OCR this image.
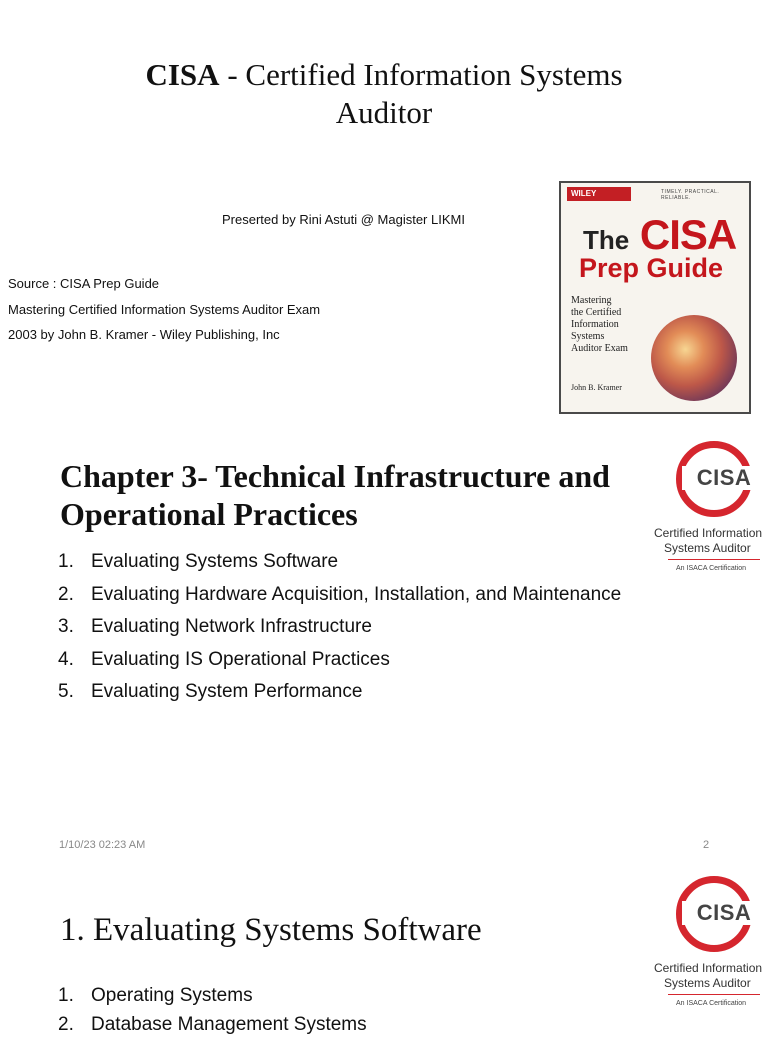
CISA - Certified Information Systems
Auditor
Preserted by Rini Astuti @ Magister LIKMI
Source : CISA Prep Guide
Mastering Certified Information Systems Auditor Exam
2003 by John B. Kramer - Wiley Publishing, Inc
WILEY	TIMELY. PRACTICAL. RELIABLE.
The CISA
Prep Guide
Mastering
the Certified
Information
Systems
Auditor Exam
John B. Kramer
CISA
Certified Information
Systems Auditor
An ISACA Certification
Chapter 3- Technical Infrastructure and
Operational Practices
1. Evaluating Systems Software
2. Evaluating Hardware Acquisition, Installation, and Maintenance
3. Evaluating Network Infrastructure
4. Evaluating IS Operational Practices
5. Evaluating System Performance
1/10/23 02:23 AM	2
CISA
Certified Information
Systems Auditor
An ISACA Certification
1. Evaluating Systems Software
1. Operating Systems
2. Database Management Systems
